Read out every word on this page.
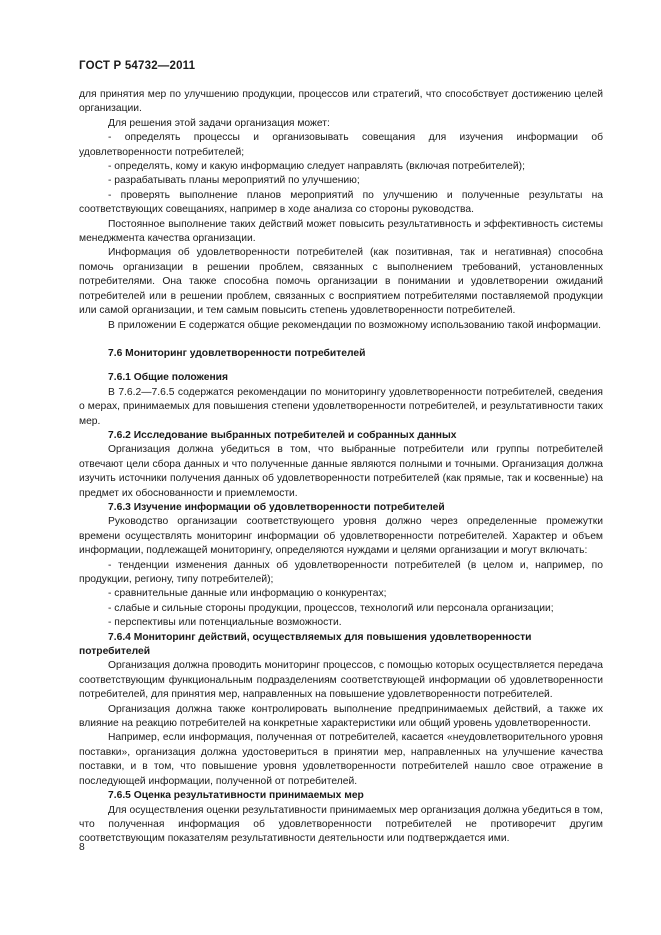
ГОСТ Р 54732—2011

для принятия мер по улучшению продукции, процессов или стратегий, что способствует достижению целей организации.

Для решения этой задачи организация может:

- определять процессы и организовывать совещания для изучения информации об удовлетворенности потребителей;

- определять, кому и какую информацию следует направлять (включая потребителей);

- разрабатывать планы мероприятий по улучшению;

- проверять выполнение планов мероприятий по улучшению и полученные результаты на соответствующих совещаниях, например в ходе анализа со стороны руководства.

Постоянное выполнение таких действий может повысить результативность и эффективность системы менеджмента качества организации.

Информация об удовлетворенности потребителей (как позитивная, так и негативная) способна помочь организации в решении проблем, связанных с выполнением требований, установленных потребителями. Она также способна помочь организации в понимании и удовлетворении ожиданий потребителей или в решении проблем, связанных с восприятием потребителями поставляемой продукции или самой организации, и тем самым повысить степень удовлетворенности потребителей.

В приложении Е содержатся общие рекомендации по возможному использованию такой информации.

7.6 Мониторинг удовлетворенности потребителей

7.6.1 Общие положения

В 7.6.2—7.6.5 содержатся рекомендации по мониторингу удовлетворенности потребителей, сведения о мерах, принимаемых для повышения степени удовлетворенности потребителей, и результативности таких мер.

7.6.2 Исследование выбранных потребителей и собранных данных

Организация должна убедиться в том, что выбранные потребители или группы потребителей отвечают цели сбора данных и что полученные данные являются полными и точными. Организация должна изучить источники получения данных об удовлетворенности потребителей (как прямые, так и косвенные) на предмет их обоснованности и приемлемости.

7.6.3 Изучение информации об удовлетворенности потребителей

Руководство организации соответствующего уровня должно через определенные промежутки времени осуществлять мониторинг информации об удовлетворенности потребителей. Характер и объем информации, подлежащей мониторингу, определяются нуждами и целями организации и могут включать:

- тенденции изменения данных об удовлетворенности потребителей (в целом и, например, по продукции, региону, типу потребителей);

- сравнительные данные или информацию о конкурентах;

- слабые и сильные стороны продукции, процессов, технологий или персонала организации;

- перспективы или потенциальные возможности.

7.6.4 Мониторинг действий, осуществляемых для повышения удовлетворенности потребителей

Организация должна проводить мониторинг процессов, с помощью которых осуществляется передача соответствующим функциональным подразделениям соответствующей информации об удовлетворенности потребителей, для принятия мер, направленных на повышение удовлетворенности потребителей.

Организация должна также контролировать выполнение предпринимаемых действий, а также их влияние на реакцию потребителей на конкретные характеристики или общий уровень удовлетворенности.

Например, если информация, полученная от потребителей, касается «неудовлетворительного уровня поставки», организация должна удостовериться в принятии мер, направленных на улучшение качества поставки, и в том, что повышение уровня удовлетворенности потребителей нашло свое отражение в последующей информации, полученной от потребителей.

7.6.5 Оценка результативности принимаемых мер

Для осуществления оценки результативности принимаемых мер организация должна убедиться в том, что полученная информация об удовлетворенности потребителей не противоречит другим соответствующим показателям результативности деятельности или подтверждается ими.

8
